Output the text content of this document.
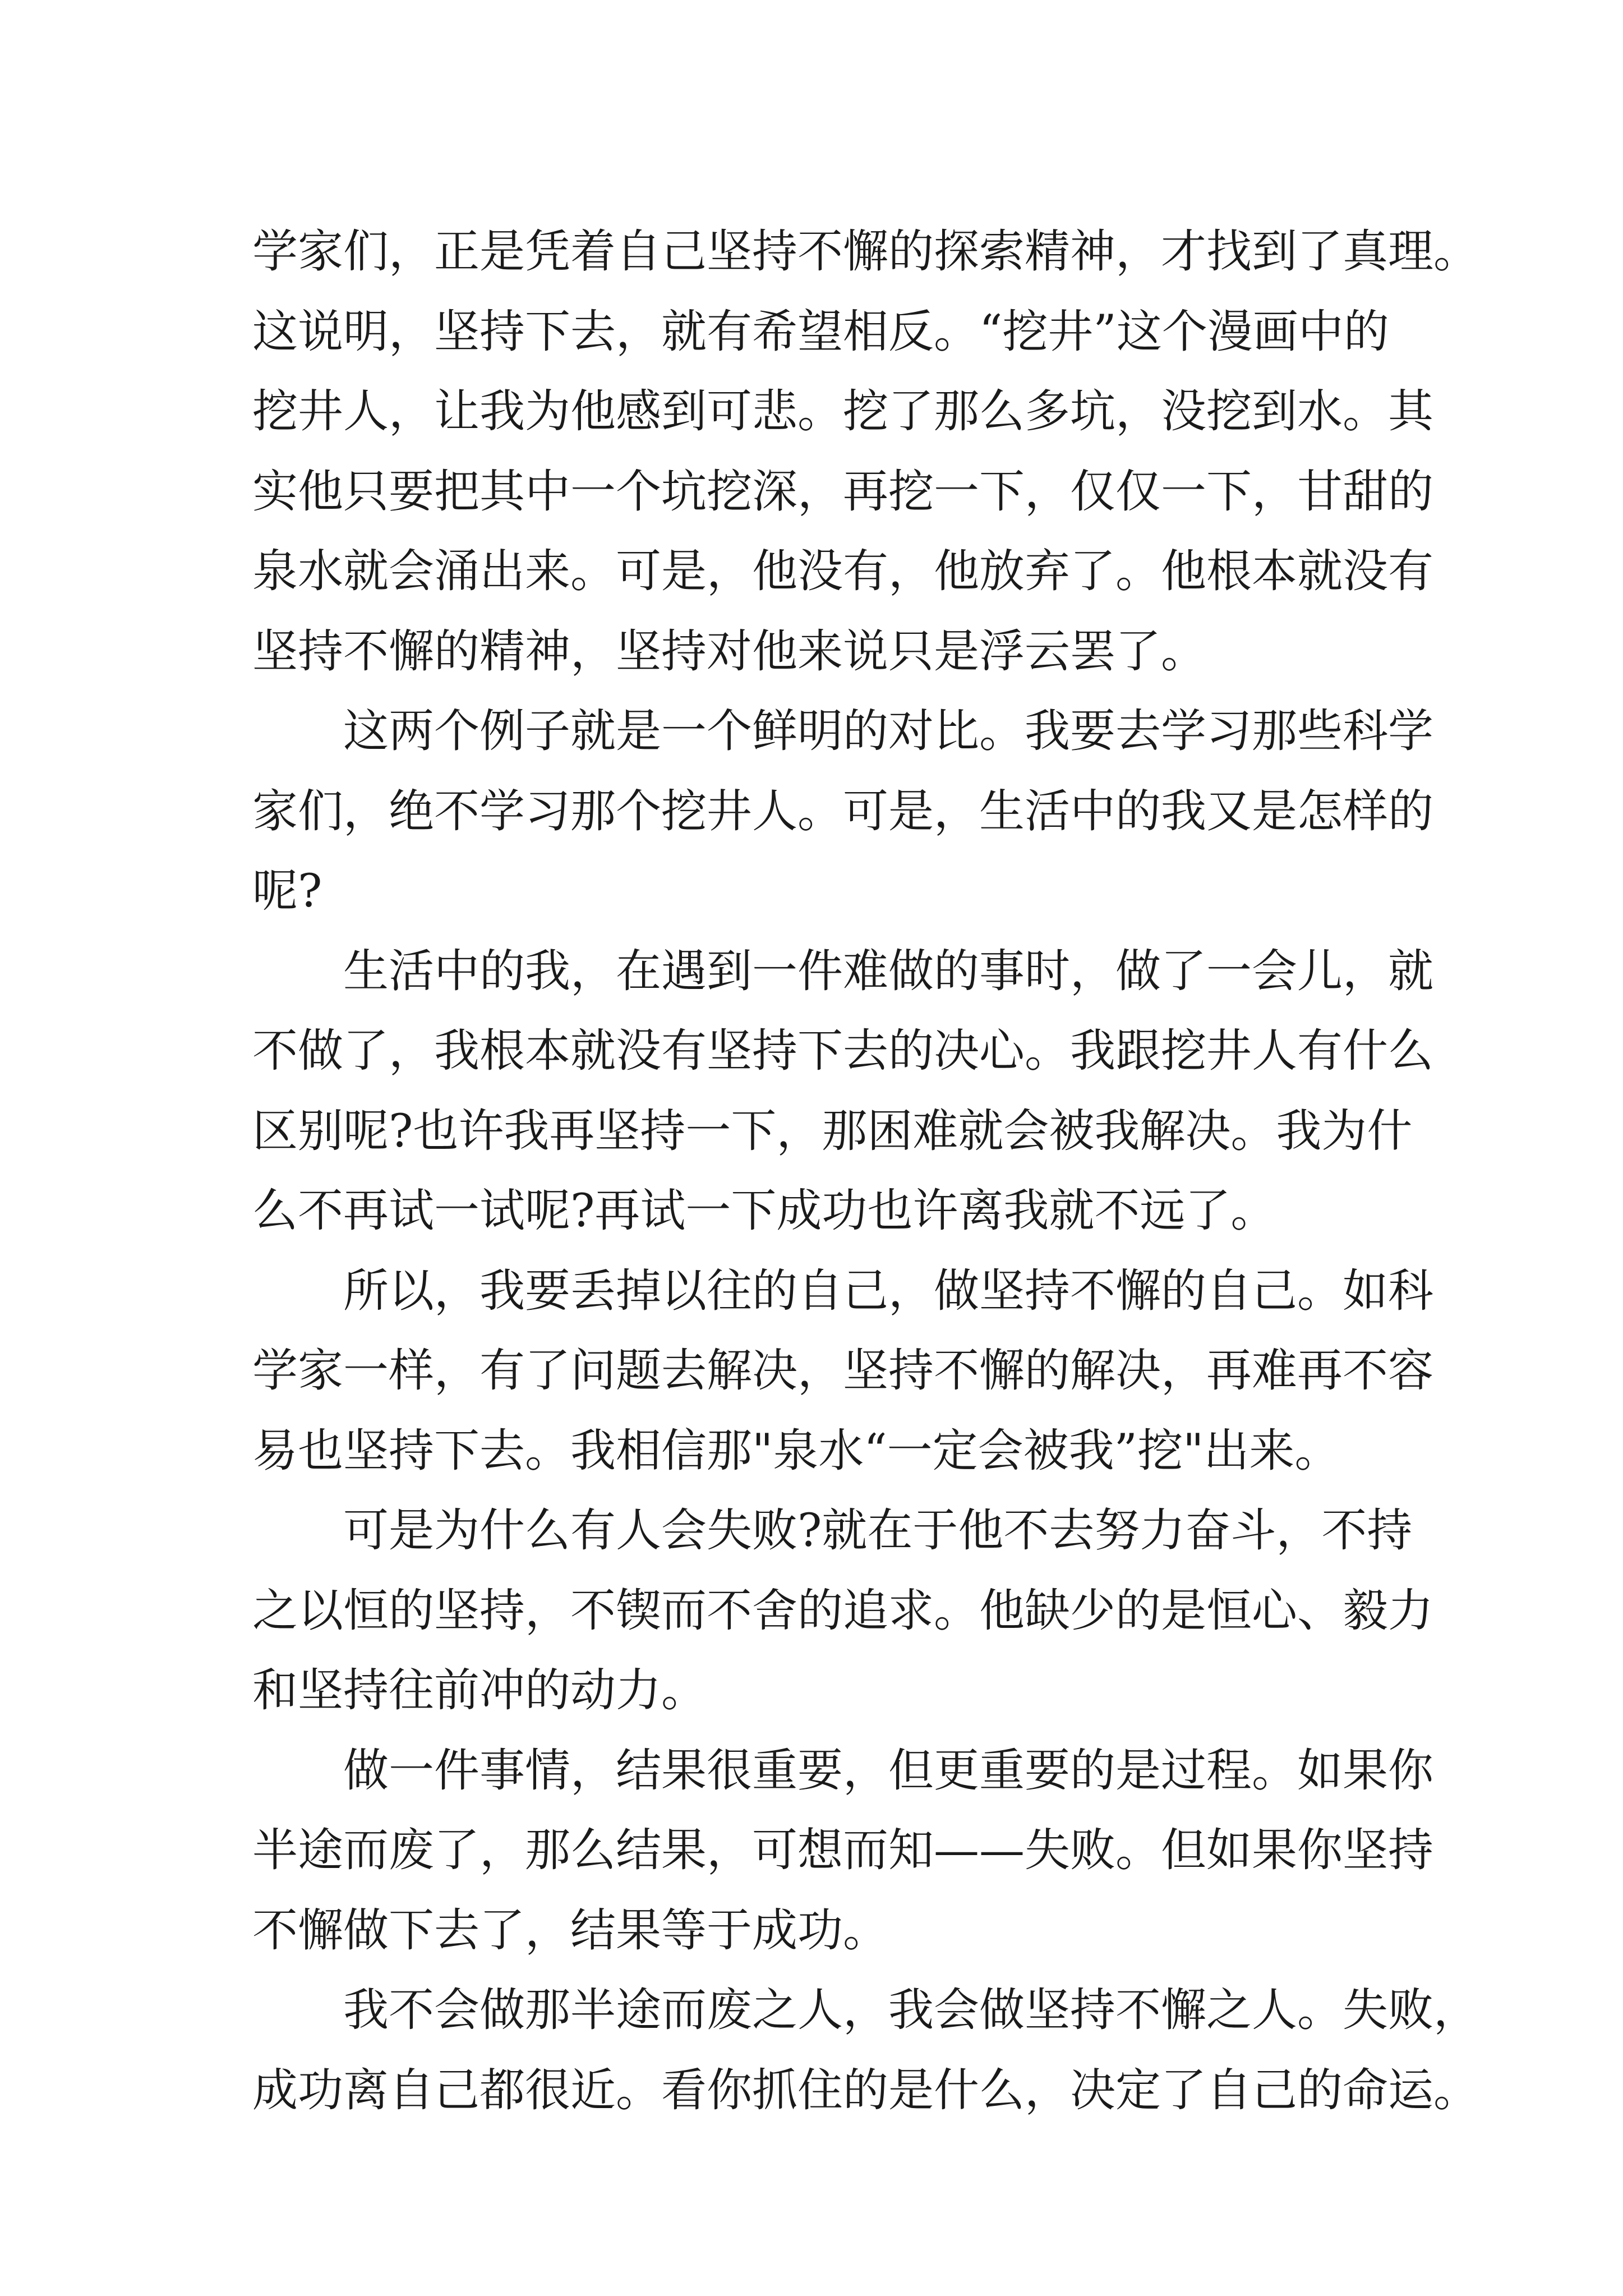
学家们，正是凭着自己坚持不懈的探索精神，才找到了真理。
这说明，坚持下去，就有希望相反。“挖井”这个漫画中的
挖井人，让我为他感到可悲。挖了那么多坑，没挖到水。其
实他只要把其中一个坑挖深，再挖一下，仅仅一下，甘甜的
泉水就会涌出来。可是，他没有，他放弃了。他根本就没有
坚持不懈的精神，坚持对他来说只是浮云罢了。
这两个例子就是一个鲜明的对比。我要去学习那些科学
家们，绝不学习那个挖井人。可是，生活中的我又是怎样的
呢?
生活中的我，在遇到一件难做的事时，做了一会儿，就
不做了，我根本就没有坚持下去的决心。我跟挖井人有什么
区别呢?也许我再坚持一下，那困难就会被我解决。我为什
么不再试一试呢?再试一下成功也许离我就不远了。
所以，我要丢掉以往的自己，做坚持不懈的自己。如科
学家一样，有了问题去解决，坚持不懈的解决，再难再不容
易也坚持下去。我相信那"泉水“一定会被我”挖"出来。
可是为什么有人会失败?就在于他不去努力奋斗，不持
之以恒的坚持，不锲而不舍的追求。他缺少的是恒心、毅力
和坚持往前冲的动力。
做一件事情，结果很重要，但更重要的是过程。如果你
半途而废了，那么结果，可想而知——失败。但如果你坚持
不懈做下去了，结果等于成功。
我不会做那半途而废之人，我会做坚持不懈之人。失败，
成功离自己都很近。看你抓住的是什么，决定了自己的命运。
